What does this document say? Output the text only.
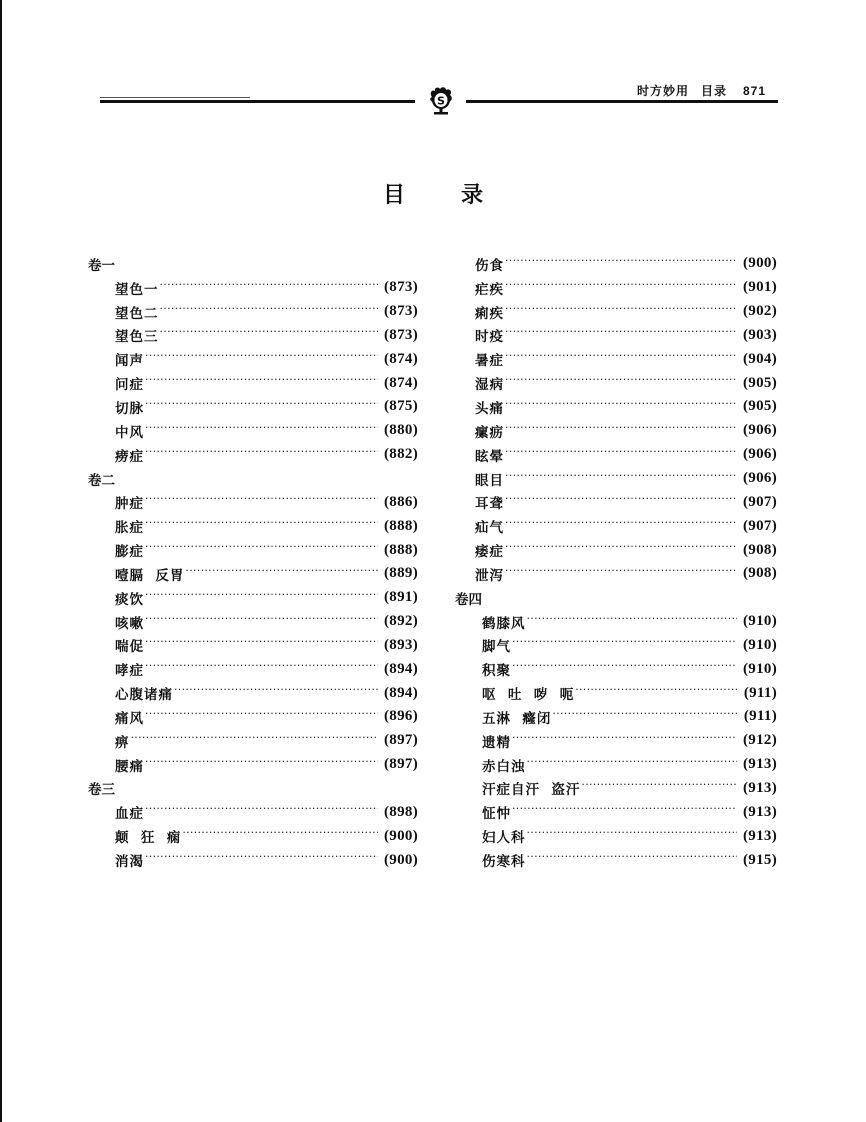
S
时方妙用 目录 871
目	录
卷一
望色一 ·····	(873)
望色二 ·····	(873)
望色三 ·····	(873)
闻声 ·····	(874)
问症 ·····	(874)
切脉 ·····	(875)
中风 ·····	(880)
痨症 ·····	(882)
卷二
肿症 ·····	(886)
胀症 ·····	(888)
膨症 ·····	(888)
噎膈  反胃 ·····	(889)
痰饮 ·····	(891)
咳嗽 ·····	(892)
喘促 ·····	(893)
哮症 ·····	(894)
心腹诸痛 ·····	(894)
痛风 ·····	(896)
痹 ·····	(897)
腰痛 ·····	(897)
卷三
血症 ·····	(898)
颠  狂  痫 ·····	(900)
消渴 ·····	(900)
伤食 ·····	(900)
疟疾 ·····	(901)
痢疾 ·····	(902)
时疫 ·····	(903)
暑症 ·····	(904)
湿病 ·····	(905)
头痛 ·····	(905)
瘰疬 ·····	(906)
眩晕 ·····	(906)
眼目 ·····	(906)
耳聋 ·····	(907)
疝气 ·····	(907)
痿症 ·····	(908)
泄泻 ·····	(908)
卷四
鹤膝风 ·····	(910)
脚气 ·····	(910)
积聚 ·····	(910)
呕  吐  哕  呃 ·····	(911)
五淋  癃闭 ·····	(911)
遗精 ·····	(912)
赤白浊 ·····	(913)
汗症自汗  盗汗 ·····	(913)
怔忡 ·····	(913)
妇人科 ·····	(913)
伤寒科 ·····	(915)
